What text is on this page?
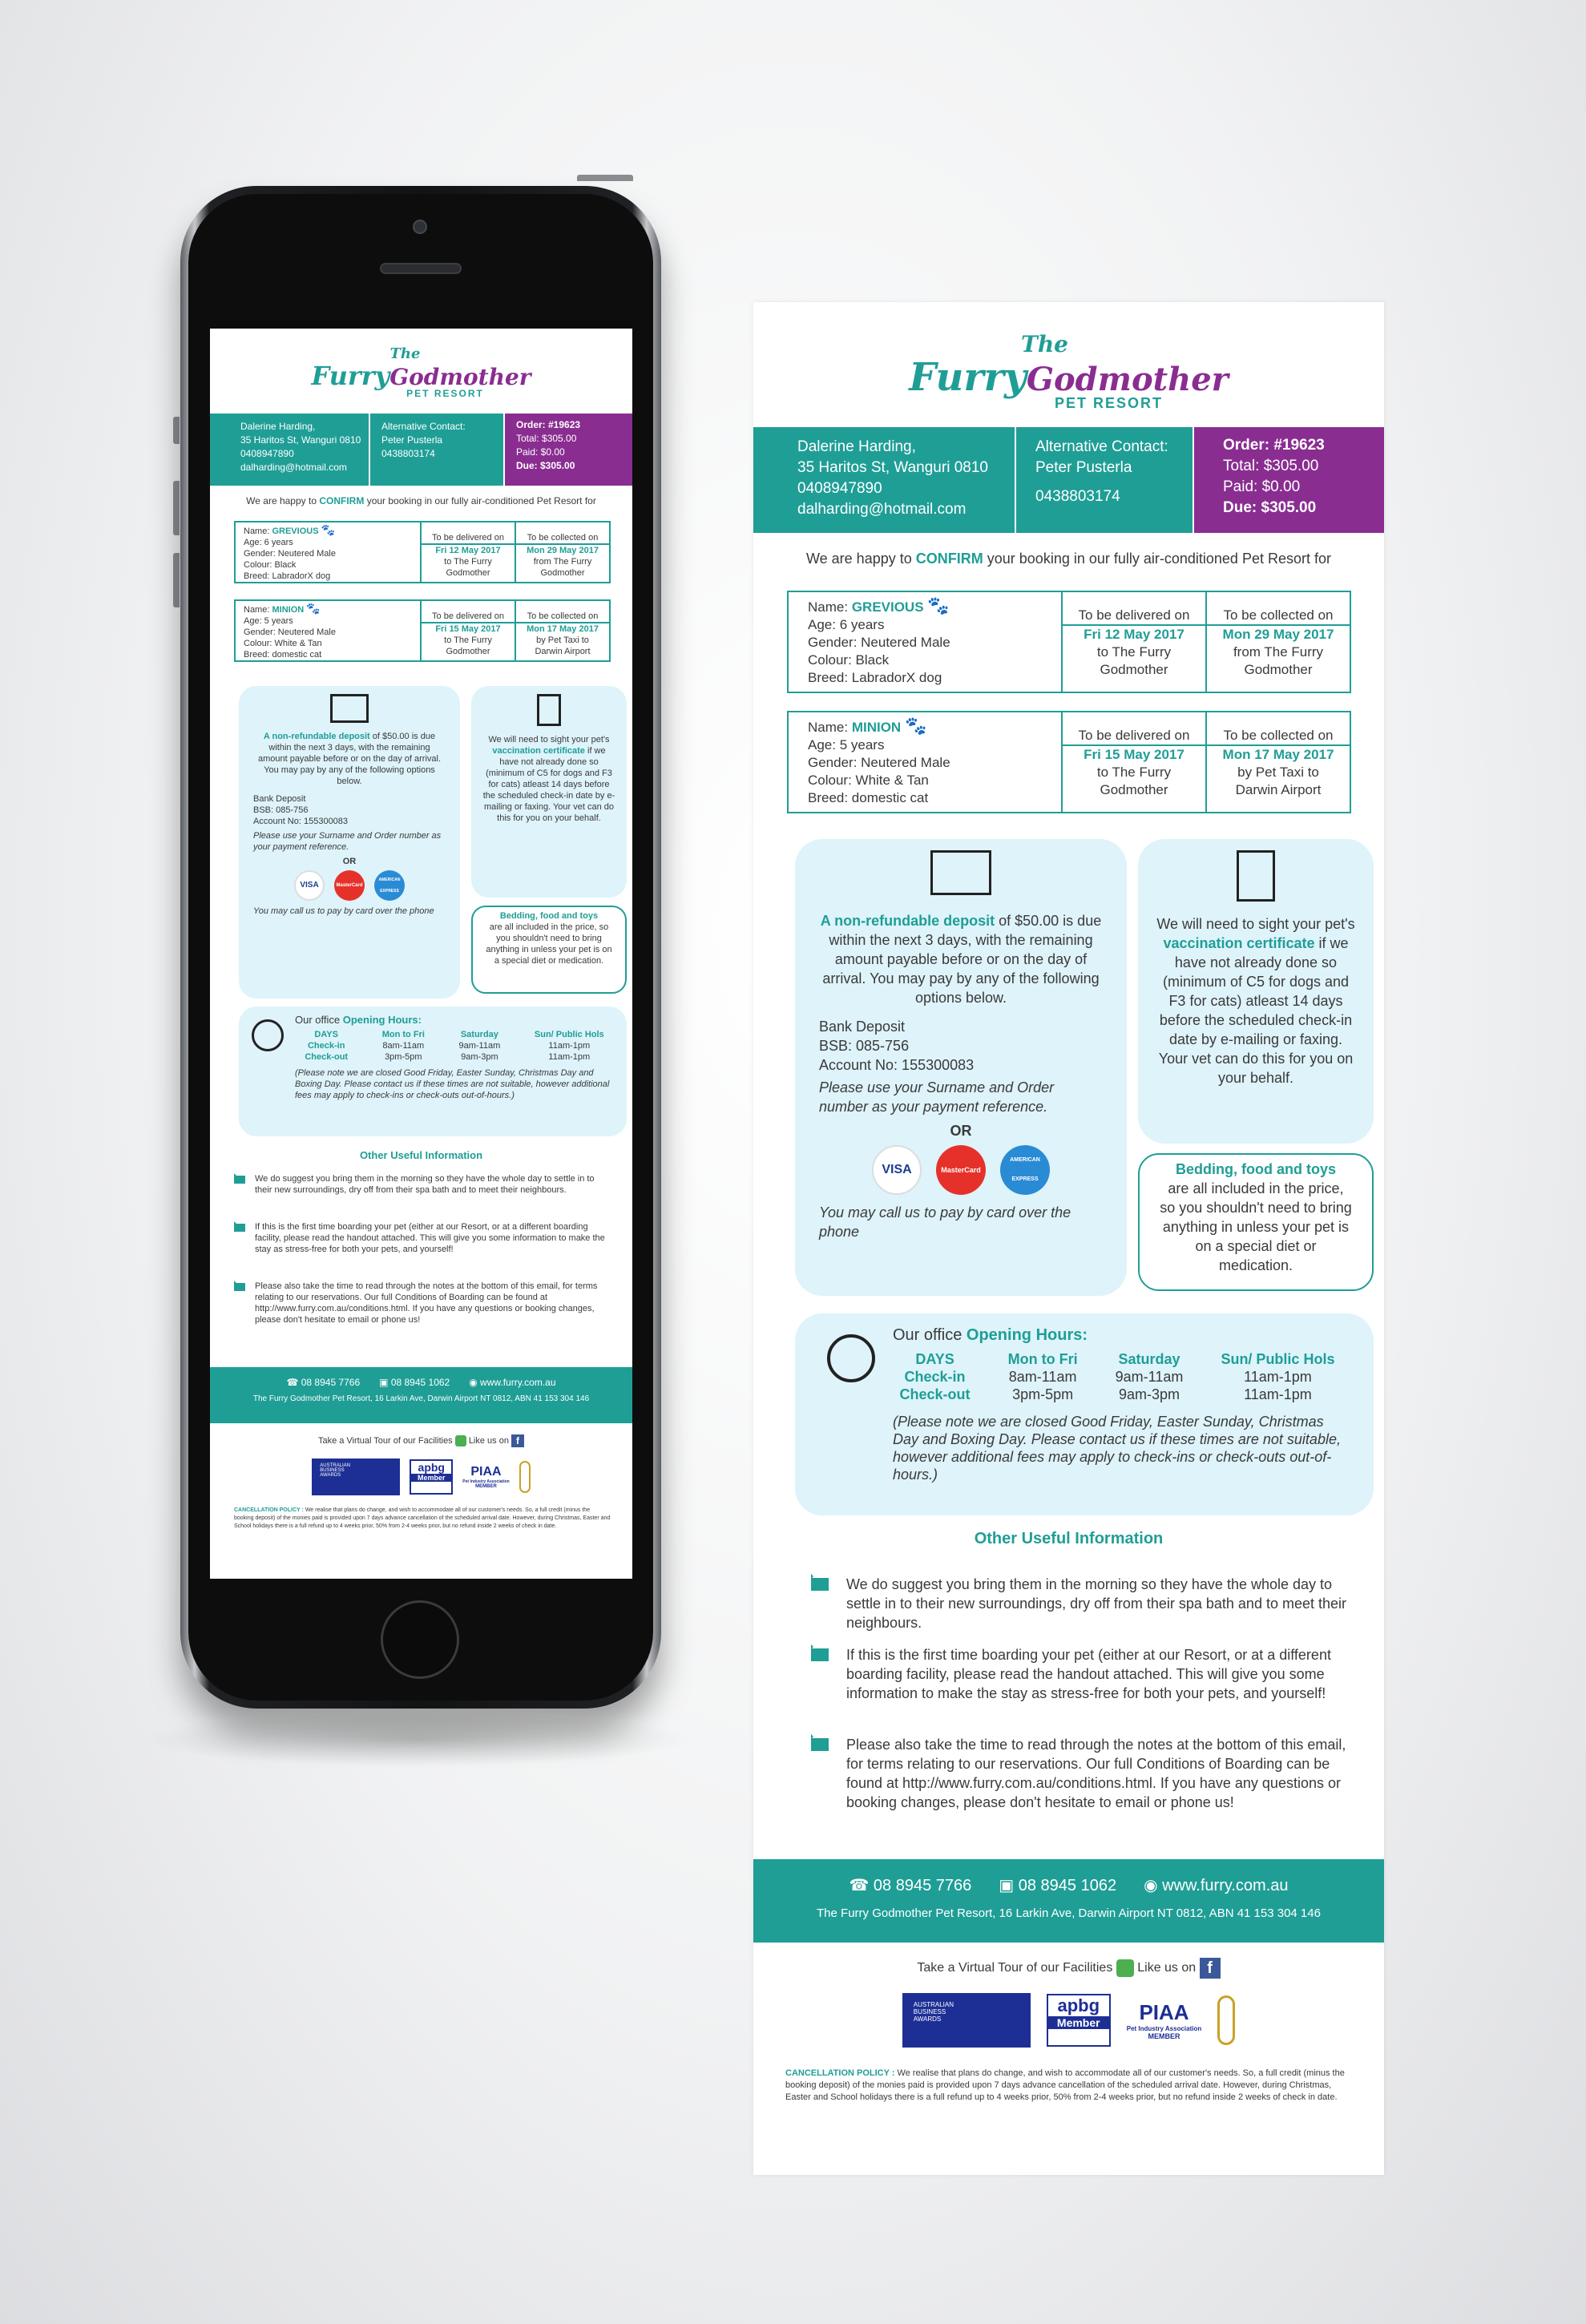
The
FurryGodmother
PET RESORT
Dalerine Harding,
35 Haritos St, Wanguri 0810
0408947890
dalharding@hotmail.com
Alternative Contact:
Peter Pusterla
0438803174
Order: #19623
Total: $305.00
Paid: $0.00
Due: $305.00
We are happy to CONFIRM your booking in our fully air-conditioned Pet Resort for
Name: GREVIOUS 🐾
Age: 6 years
Gender: Neutered Male
Colour: Black
Breed: LabradorX dog
To be delivered on
Fri 12 May 2017
to The Furry
Godmother
To be collected on
Mon 29 May 2017
from The Furry
Godmother
Name: MINION 🐾
Age: 5 years
Gender: Neutered Male
Colour: White & Tan
Breed: domestic cat
To be delivered on
Fri 15 May 2017
to The Furry
Godmother
To be collected on
Mon 17 May 2017
by Pet Taxi to
Darwin Airport
A non-refundable deposit of $50.00 is due within the next 3 days, with the remaining amount payable before or on the day of arrival. You may pay by any of the following options below.
Bank Deposit
BSB: 085-756
Account No: 155300083
Please use your Surname and Order number as your payment reference.
OR
VISA	MasterCard
AMERICAN EXPRESS
You may call us to pay by card over the phone
We will need to sight your pet's vaccination certificate if we have not already done so (minimum of C5 for dogs and F3 for cats) atleast 14 days before the scheduled check-in date by e-mailing or faxing. Your vet can do this for you on your behalf.
Bedding, food and toys
are all included in the price, so you shouldn't need to bring anything in unless your pet is on a special diet or medication.
Our office Opening Hours:
DAYS	Mon to Fri	Saturday	Sun/ Public Hols
Check-in	8am-11am	9am-11am	11am-1pm
Check-out	3pm-5pm	9am-3pm	11am-1pm
(Please note we are closed Good Friday, Easter Sunday, Christmas Day and Boxing Day. Please contact us if these times are not suitable, however additional fees may apply to check-ins or check-outs out-of-hours.)
Other Useful Information
We do suggest you bring them in the morning so they have the whole day to settle in to their new surroundings, dry off from their spa bath and to meet their neighbours.
If this is the first time boarding your pet (either at our Resort, or at a different boarding facility, please read the handout attached. This will give you some information to make the stay as stress-free for both your pets, and yourself!
Please also take the time to read through the notes at the bottom of this email, for terms relating to our reservations. Our full Conditions of Boarding can be found at http://www.furry.com.au/conditions.html. If you have any questions or booking changes, please don't hesitate to email or phone us!
☎ 08 8945 7766 ▣ 08 8945 1062 ◉ www.furry.com.au
The Furry Godmother Pet Resort, 16 Larkin Ave, Darwin Airport NT 0812, ABN 41 153 304 146
Take a Virtual Tour of our Facilities Like us on f
AUSTRALIAN
BUSINESS
AWARDS
apbg
Member	PIAA
Pet Industry Association
MEMBER
CANCELLATION POLICY : We realise that plans do change, and wish to accommodate all of our customer's needs. So, a full credit (minus the booking deposit) of the monies paid is provided upon 7 days advance cancellation of the scheduled arrival date. However, during Christmas, Easter and School holidays there is a full refund up to 4 weeks prior, 50% from 2-4 weeks prior, but no refund inside 2 weeks of check in date.
The
FurryGodmother
PET RESORT
Dalerine Harding,
35 Haritos St, Wanguri 0810
0408947890
dalharding@hotmail.com
Alternative Contact:
Peter Pusterla
0438803174
Order: #19623
Total: $305.00
Paid: $0.00
Due: $305.00
We are happy to CONFIRM your booking in our fully air-conditioned Pet Resort for
Name: GREVIOUS 🐾
Age: 6 years
Gender: Neutered Male
Colour: Black
Breed: LabradorX dog
To be delivered on
Fri 12 May 2017
to The Furry
Godmother
To be collected on
Mon 29 May 2017
from The Furry
Godmother
Name: MINION 🐾
Age: 5 years
Gender: Neutered Male
Colour: White & Tan
Breed: domestic cat
To be delivered on
Fri 15 May 2017
to The Furry
Godmother
To be collected on
Mon 17 May 2017
by Pet Taxi to
Darwin Airport
A non-refundable deposit of $50.00 is due within the next 3 days, with the remaining amount payable before or on the day of arrival. You may pay by any of the following options below.
Bank Deposit
BSB: 085-756
Account No: 155300083
Please use your Surname and Order number as your payment reference.
OR
VISA	MasterCard
AMERICAN EXPRESS
You may call us to pay by card over the phone
We will need to sight your pet's vaccination certificate if we have not already done so (minimum of C5 for dogs and F3 for cats) atleast 14 days before the scheduled check-in date by e-mailing or faxing. Your vet can do this for you on your behalf.
Bedding, food and toys
are all included in the price, so you shouldn't need to bring anything in unless your pet is on a special diet or medication.
Our office Opening Hours:
DAYS	Mon to Fri	Saturday	Sun/ Public Hols
Check-in	8am-11am	9am-11am	11am-1pm
Check-out	3pm-5pm	9am-3pm	11am-1pm
(Please note we are closed Good Friday, Easter Sunday, Christmas Day and Boxing Day. Please contact us if these times are not suitable, however additional fees may apply to check-ins or check-outs out-of-hours.)
Other Useful Information
We do suggest you bring them in the morning so they have the whole day to settle in to their new surroundings, dry off from their spa bath and to meet their neighbours.
If this is the first time boarding your pet (either at our Resort, or at a different boarding facility, please read the handout attached. This will give you some information to make the stay as stress-free for both your pets, and yourself!
Please also take the time to read through the notes at the bottom of this email, for terms relating to our reservations. Our full Conditions of Boarding can be found at http://www.furry.com.au/conditions.html. If you have any questions or booking changes, please don't hesitate to email or phone us!
☎ 08 8945 7766 ▣ 08 8945 1062 ◉ www.furry.com.au
The Furry Godmother Pet Resort, 16 Larkin Ave, Darwin Airport NT 0812, ABN 41 153 304 146
Take a Virtual Tour of our Facilities Like us on f
AUSTRALIAN
BUSINESS
AWARDS
apbg
Member	PIAA
Pet Industry Association
MEMBER
CANCELLATION POLICY : We realise that plans do change, and wish to accommodate all of our customer's needs. So, a full credit (minus the booking deposit) of the monies paid is provided upon 7 days advance cancellation of the scheduled arrival date. However, during Christmas, Easter and School holidays there is a full refund up to 4 weeks prior, 50% from 2-4 weeks prior, but no refund inside 2 weeks of check in date.
